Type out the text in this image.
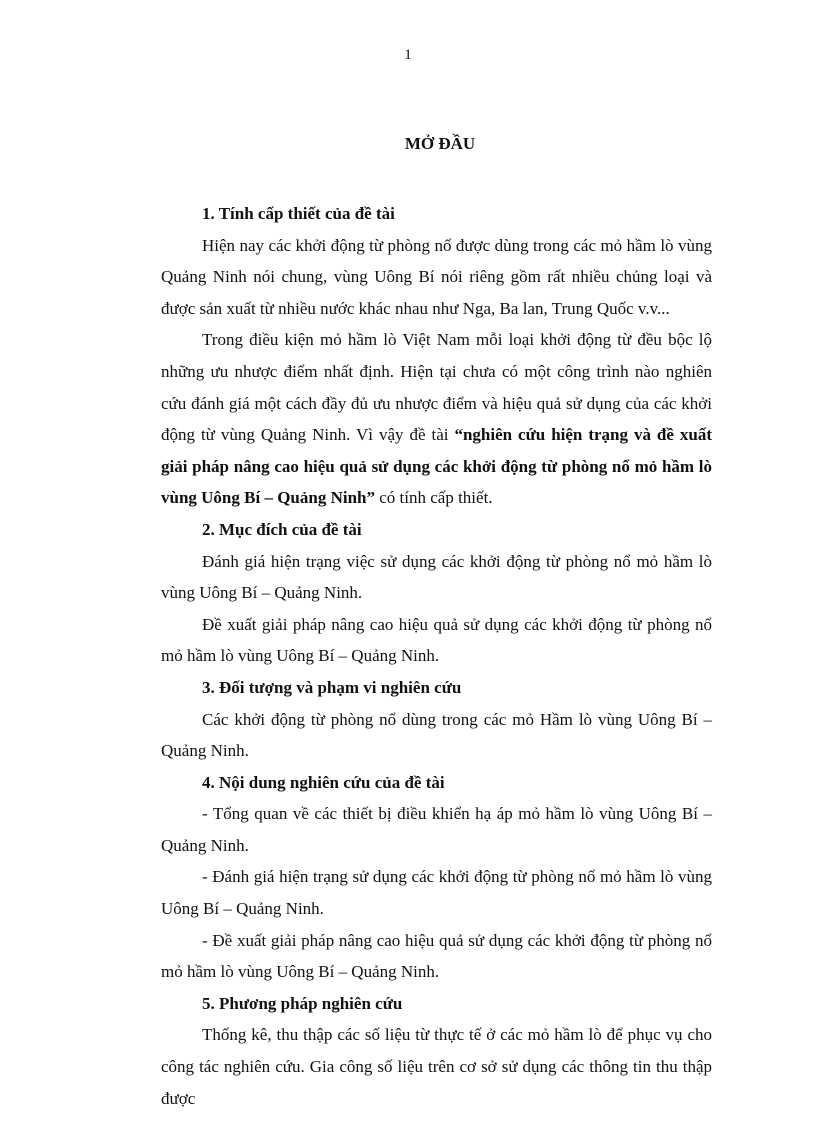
1
MỞ ĐẦU
1. Tính cấp thiết của đề tài

Hiện nay các khởi động từ phòng nổ được dùng trong các mỏ hầm lò vùng Quảng Ninh nói chung, vùng Uông Bí nói riêng gồm rất nhiều chủng loại và được sản xuất từ nhiều nước khác nhau như Nga, Ba lan, Trung Quốc v.v...

Trong điều kiện mỏ hầm lò Việt Nam mỗi loại khởi động từ đều bộc lộ những ưu nhược điểm nhất định. Hiện tại chưa có một công trình nào nghiên cứu đánh giá một cách đầy đủ ưu nhược điểm và hiệu quả sử dụng của các khởi động từ vùng Quảng Ninh. Vì vậy đề tài “nghiên cứu hiện trạng và đề xuất giải pháp nâng cao hiệu quả sử dụng các khởi động từ phòng nổ mỏ hầm lò vùng Uông Bí – Quảng Ninh” có tính cấp thiết.

2. Mục đích của đề tài

Đánh giá hiện trạng việc sử dụng các khởi động từ phòng nổ mỏ hầm lò vùng Uông Bí – Quảng Ninh.

Đề xuất giải pháp nâng cao hiệu quả sử dụng các khởi động từ phòng nổ mỏ hầm lò vùng Uông Bí – Quảng Ninh.

3. Đối tượng và phạm vi nghiên cứu

Các khởi động từ phòng nổ dùng trong các mỏ Hầm lò vùng Uông Bí – Quảng Ninh.

4. Nội dung nghiên cứu của đề tài

- Tổng quan về các thiết bị điều khiển hạ áp mỏ hầm lò vùng Uông Bí – Quảng Ninh.

- Đánh giá hiện trạng sử dụng các khởi động từ phòng nổ mỏ hầm lò vùng Uông Bí – Quảng Ninh.

- Đề xuất giải pháp nâng cao hiệu quả sử dụng các khởi động từ phòng nổ mỏ hầm lò vùng Uông Bí – Quảng Ninh.

5. Phương pháp nghiên cứu

Thống kê, thu thập các số liệu từ thực tế ở các mỏ hầm lò để phục vụ cho công tác nghiên cứu. Gia công số liệu trên cơ sở sử dụng các thông tin thu thập được
